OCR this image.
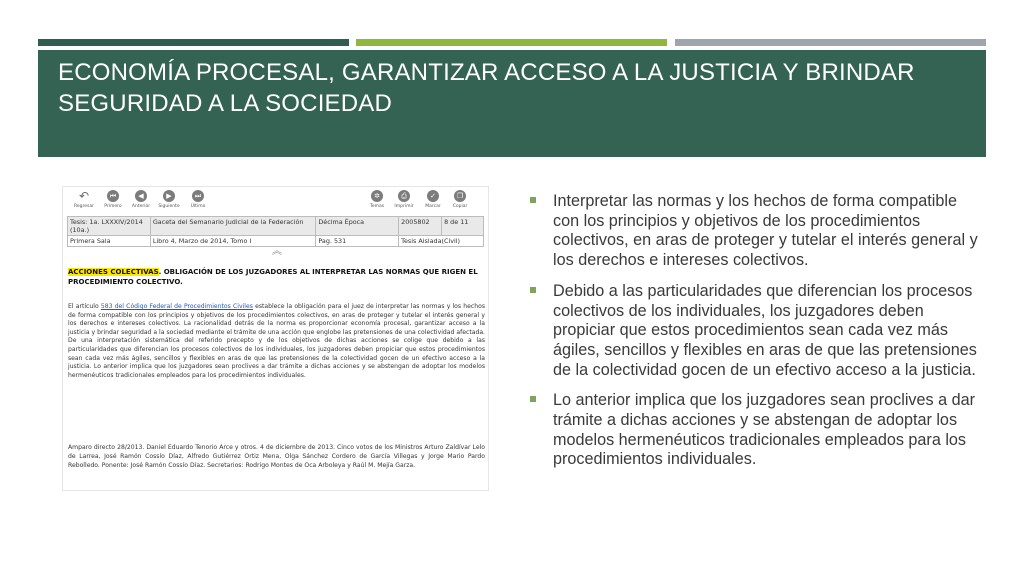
ECONOMÍA PROCESAL, GARANTIZAR ACCESO A LA JUSTICIA Y BRINDAR SEGURIDAD A LA SOCIEDAD
↶
Regresar
⏮
Primero
◀
Anterior
▶
Siguiente
⏭
Último
✲
Temas
⎙
Imprimir
✓
Marcar
❐
Copiar
Tesis: 1a. LXXXIV/2014 (10a.)	Gaceta del Semanario Judicial de la Federación	Décima Época	2005802	8 de 11
Primera Sala	Libro 4, Marzo de 2014, Tomo I	Pag. 531	Tesis Aislada(Civil)	
︽
ACCIONES COLECTIVAS. OBLIGACIÓN DE LOS JUZGADORES AL INTERPRETAR LAS NORMAS QUE RIGEN EL PROCEDIMIENTO COLECTIVO.
El artículo 583 del Código Federal de Procedimientos Civiles establece la obligación para el juez de interpretar las normas y los hechos de forma compatible con los principios y objetivos de los procedimientos colectivos, en aras de proteger y tutelar el interés general y los derechos e intereses colectivos. La racionalidad detrás de la norma es proporcionar economía procesal, garantizar acceso a la justicia y brindar seguridad a la sociedad mediante el trámite de una acción que englobe las pretensiones de una colectividad afectada. De una interpretación sistemática del referido precepto y de los objetivos de dichas acciones se colige que debido a las particularidades que diferencian los procesos colectivos de los individuales, los juzgadores deben propiciar que estos procedimientos sean cada vez más ágiles, sencillos y flexibles en aras de que las pretensiones de la colectividad gocen de un efectivo acceso a la justicia. Lo anterior implica que los juzgadores sean proclives a dar trámite a dichas acciones y se abstengan de adoptar los modelos hermenéuticos tradicionales empleados para los procedimientos individuales.
Amparo directo 28/2013. Daniel Eduardo Tenorio Arce y otros. 4 de diciembre de 2013. Cinco votos de los Ministros Arturo Zaldívar Lelo de Larrea, José Ramón Cossío Díaz, Alfredo Gutiérrez Ortiz Mena, Olga Sánchez Cordero de García Villegas y Jorge Mario Pardo Rebolledo. Ponente: José Ramón Cossío Díaz. Secretarios: Rodrigo Montes de Oca Arboleya y Raúl M. Mejía Garza.
Interpretar las normas y los hechos de forma compatible con los principios y objetivos de los procedimientos colectivos, en aras de proteger y tutelar el interés general y los derechos e intereses colectivos.
Debido a las particularidades que diferencian los procesos colectivos de los individuales, los juzgadores deben propiciar que estos procedimientos sean cada vez más ágiles, sencillos y flexibles en aras de que las pretensiones de la colectividad gocen de un efectivo acceso a la justicia.
Lo anterior implica que los juzgadores sean proclives a dar trámite a dichas acciones y se abstengan de adoptar los modelos hermenéuticos tradicionales empleados para los procedimientos individuales.
